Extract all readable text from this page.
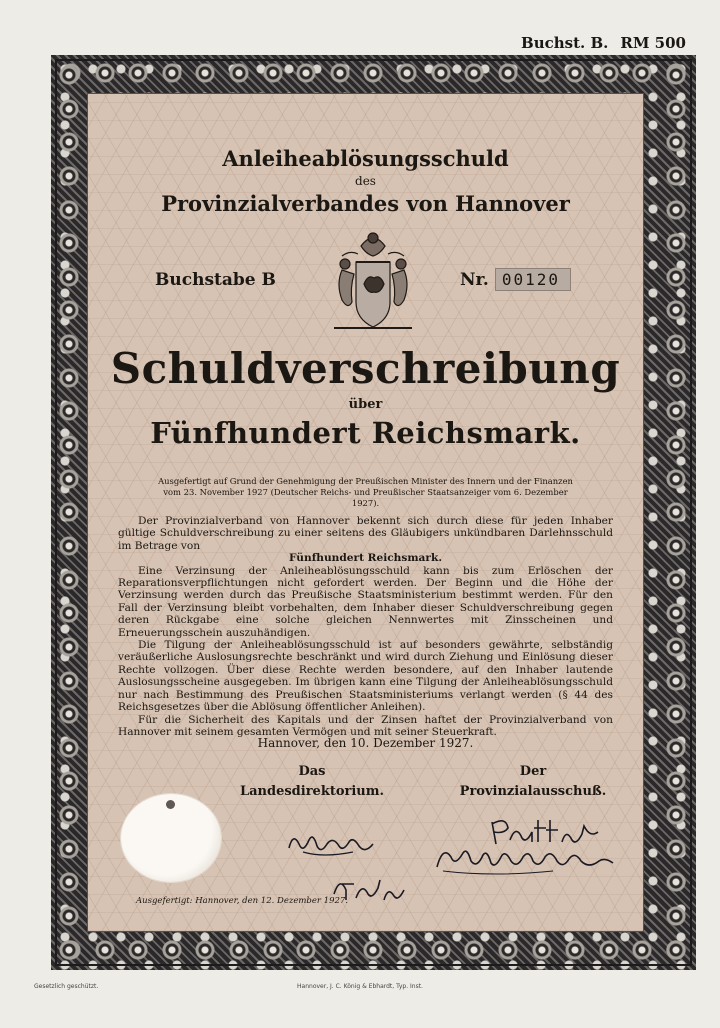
Buchst. B. RM 500
Anleiheablösungsschuld
des
Provinzialverbandes von Hannover
Buchstabe B	Nr. 00120
Schuldverschreibung
über
Fünfhundert Reichsmark.
Ausgefertigt auf Grund der Genehmigung der Preußischen Minister des Innern und der Finanzen
vom 23. November 1927 (Deutscher Reichs- und Preußischer Staatsanzeiger vom 6. Dezember 1927).

Der Provinzialverband von Hannover bekennt sich durch diese für jeden Inhaber gültige Schuldverschreibung zu einer seitens des Gläubigers unkündbaren Darlehnsschuld im Betrage von

Fünfhundert Reichsmark.

Eine Verzinsung der Anleiheablösungsschuld kann bis zum Erlöschen der Reparationsverpflichtungen nicht gefordert werden. Der Beginn und die Höhe der Verzinsung werden durch das Preußische Staatsministerium bestimmt werden. Für den Fall der Verzinsung bleibt vorbehalten, dem Inhaber dieser Schuldverschreibung gegen deren Rückgabe eine solche gleichen Nennwertes mit Zinsscheinen und Erneuerungsschein auszuhändigen.

Die Tilgung der Anleiheablösungsschuld ist auf besonders gewährte, selbständig veräußerliche Auslosungsrechte beschränkt und wird durch Ziehung und Einlösung dieser Rechte vollzogen. Über diese Rechte werden besondere, auf den Inhaber lautende Auslosungsscheine ausgegeben. Im übrigen kann eine Tilgung der Anleiheablösungsschuld nur nach Bestimmung des Preußischen Staatsministeriums verlangt werden (§ 44 des Reichsgesetzes über die Ablösung öffentlicher Anleihen).

Für die Sicherheit des Kapitals und der Zinsen haftet der Provinzialverband von Hannover mit seinem gesamten Vermögen und mit seiner Steuerkraft.

Hannover, den 10. Dezember 1927.
Das
Landesdirektorium.
Der
Provinzialausschuß.
Ausgefertigt: Hannover, den 12. Dezember 1927.
Gesetzlich geschützt.	Hannover, J. C. König & Ebhardt, Typ. Inst.
